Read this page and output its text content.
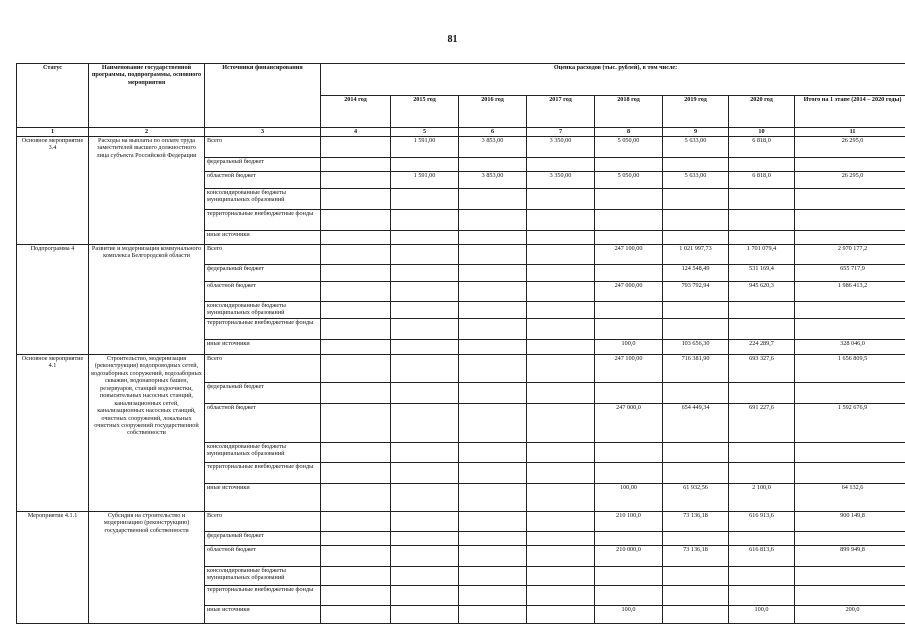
81
Статус	Наименование государственной программы, подпрограммы, основного мероприятия	Источники финансирования	Оценка расходов (тыс. рублей), в том числе:							
			2014 год	2015 год	2016 год	2017 год	2018 год	2019 год	2020 год	Итого на 1 этапе (2014 – 2020 годы)
1	2	3	4	5	6	7	8	9	10	11
Основное мероприятие 3.4	Расходы на выплаты по оплате труда заместителей высшего должностного лица субъекта Российской Федерации	Всего		1 591,00	3 853,00	3 350,00	5 050,00	5 633,00	6 818,0	26 295,0
		федеральный бюджет								
		областной бюджет		1 591,00	3 853,00	3 350,00	5 050,00	5 633,00	6 818,0	26 295,0
		консолидированные бюджеты муниципальных образований								
		территориальные внебюджетные фонды								
		иные источники								
Подпрограмма 4	Развитие и модернизация коммунального комплекса Белгородской области	Всего					247 100,00	1 021 997,73	1 701 079,4	2 970 177,2
		федеральный бюджет						124 548,49	531 169,4	655 717,9
		областной бюджет					247 000,00	793 792,94	945 620,3	1 986 413,2
		консолидированные бюджеты муниципальных образований								
		территориальные внебюджетные фонды								
		иные источники					100,0	103 656,30	224 289,7	328 046,0
Основное мероприятие 4.1	Строительство, модернизация (реконструкция) водопроводных сетей, водозаборных сооружений, водозаборных скважин, водонапорных башен, резервуаров, станций водоочистки, повысительных насосных станций, канализационных сетей, канализационных насосных станций, очистных сооружений, локальных очистных сооружений государственной собственности	Всего					247 100,00	716 381,90	693 327,6	1 656 809,5
		федеральный бюджет								
		областной бюджет					247 000,0	654 449,34	691 227,6	1 592 676,9
		консолидированные бюджеты муниципальных образований								
		территориальные внебюджетные фонды								
		иные источники					100,00	61 932,56	2 100,0	64 132,6
Мероприятие 4.1.1	Субсидия на строительство и модернизацию (реконструкцию) государственной собственности	Всего					210 100,0	73 136,18	616 913,6	900 149,8
		федеральный бюджет								
		областной бюджет					210 000,0	73 136,18	616 813,6	899 949,8
		консолидированные бюджеты муниципальных образований								
		территориальные внебюджетные фонды								
		иные источники					100,0		100,0	200,0
